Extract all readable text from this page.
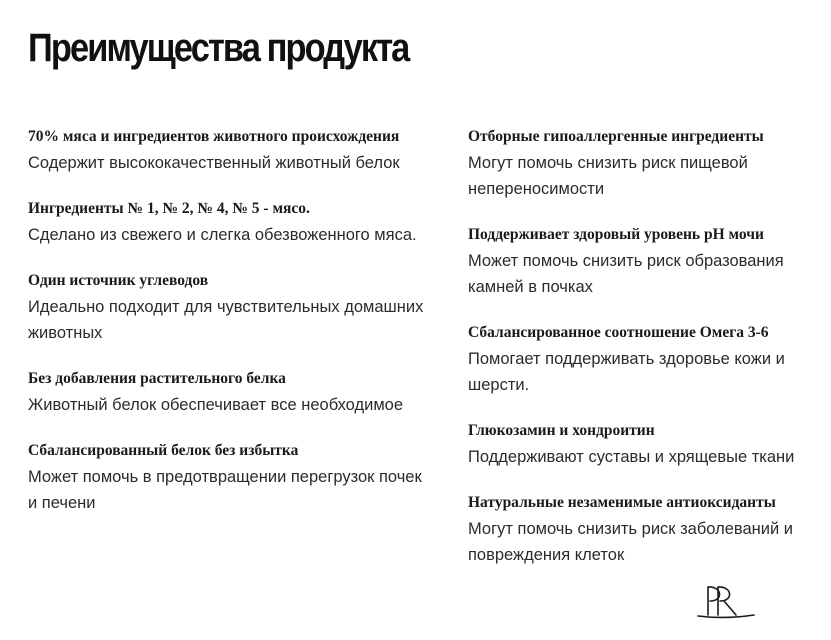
Преимущества продукта
70% мяса и ингредиентов животного происхождения
Содержит высококачественный животный белок
Ингредиенты № 1, № 2, № 4, № 5 - мясо.
Сделано из свежего и слегка обезвоженного мяса.
Один источник углеводов
Идеально подходит для чувствительных домашних животных
Без добавления растительного белка
Животный белок обеспечивает все необходимое
Сбалансированный белок без избытка
Может помочь в предотвращении перегрузок почек и печени
Отборные гипоаллергенные ингредиенты
Могут помочь снизить риск пищевой непереносимости
Поддерживает здоровый уровень pH мочи
Может помочь снизить риск образования камней в почках
Сбалансированное соотношение Омега 3-6
Помогает поддерживать здоровье кожи и шерсти.
Глюкозамин и хондроитин
Поддерживают суставы и хрящевые ткани
Натуральные незаменимые антиоксиданты
Могут помочь снизить риск заболеваний и повреждения клеток
